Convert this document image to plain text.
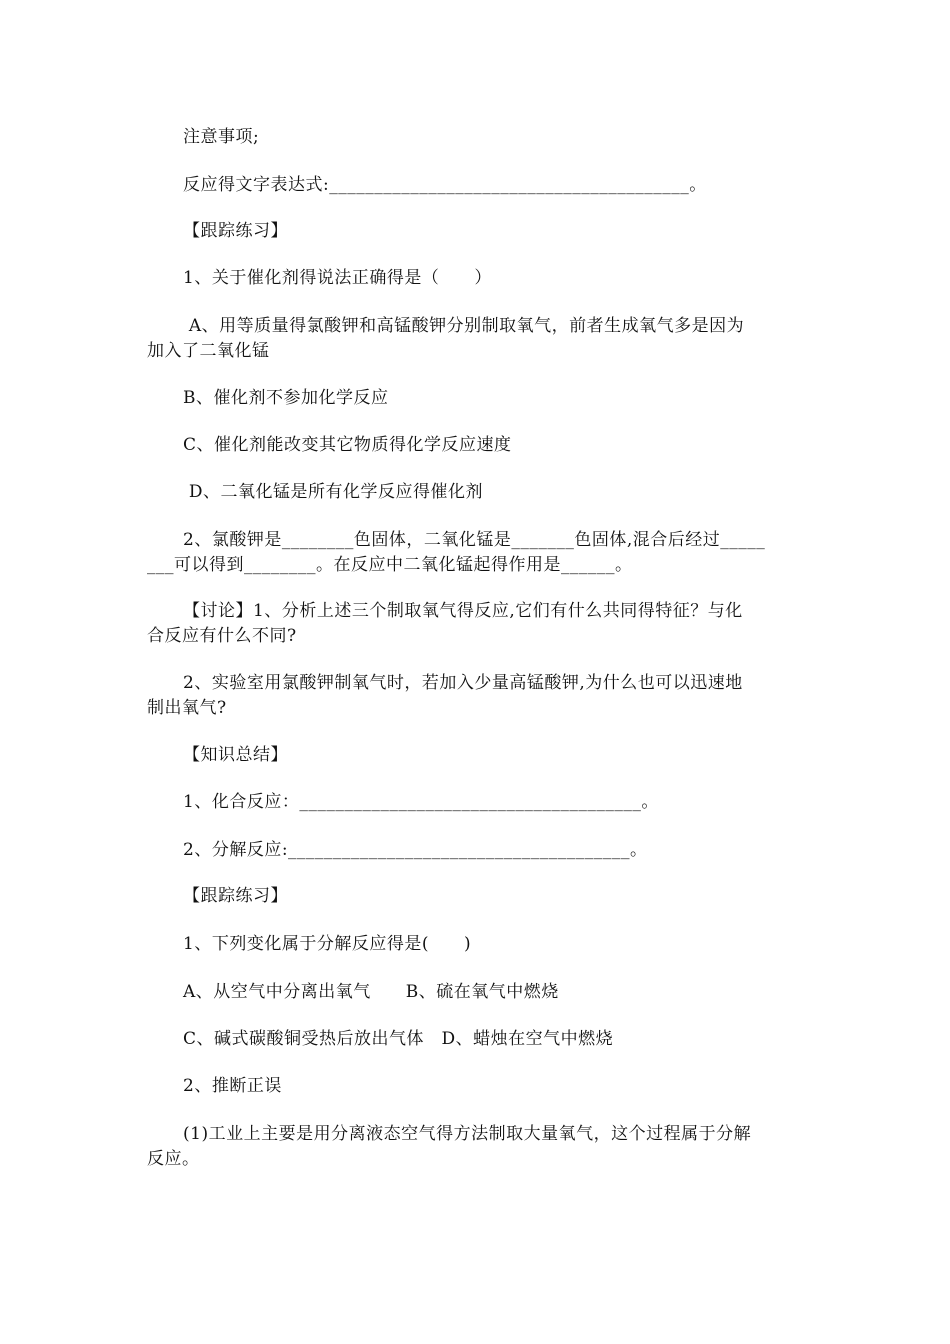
注意事项;
反应得文字表达式:________________________________________。
【跟踪练习】
1、关于催化剂得说法正确得是（　　）
A、用等质量得氯酸钾和高锰酸钾分别制取氧气，前者生成氧气多是因为
加入了二氧化锰
B、催化剂不参加化学反应
C、催化剂能改变其它物质得化学反应速度
D、二氧化锰是所有化学反应得催化剂
2、氯酸钾是________色固体，二氧化锰是_______色固体,混合后经过_____
___可以得到________。在反应中二氧化锰起得作用是______。
【讨论】1、分析上述三个制取氧气得反应,它们有什么共同得特征？与化
合反应有什么不同?
2、实验室用氯酸钾制氧气时，若加入少量高锰酸钾,为什么也可以迅速地
制出氧气?
【知识总结】
1、化合反应：______________________________________。
2、分解反应:______________________________________。
【跟踪练习】
1、下列变化属于分解反应得是(　　)
A、从空气中分离出氧气　　B、硫在氧气中燃烧
C、碱式碳酸铜受热后放出气体　D、蜡烛在空气中燃烧
2、推断正误
(1)工业上主要是用分离液态空气得方法制取大量氧气，这个过程属于分解
反应。
